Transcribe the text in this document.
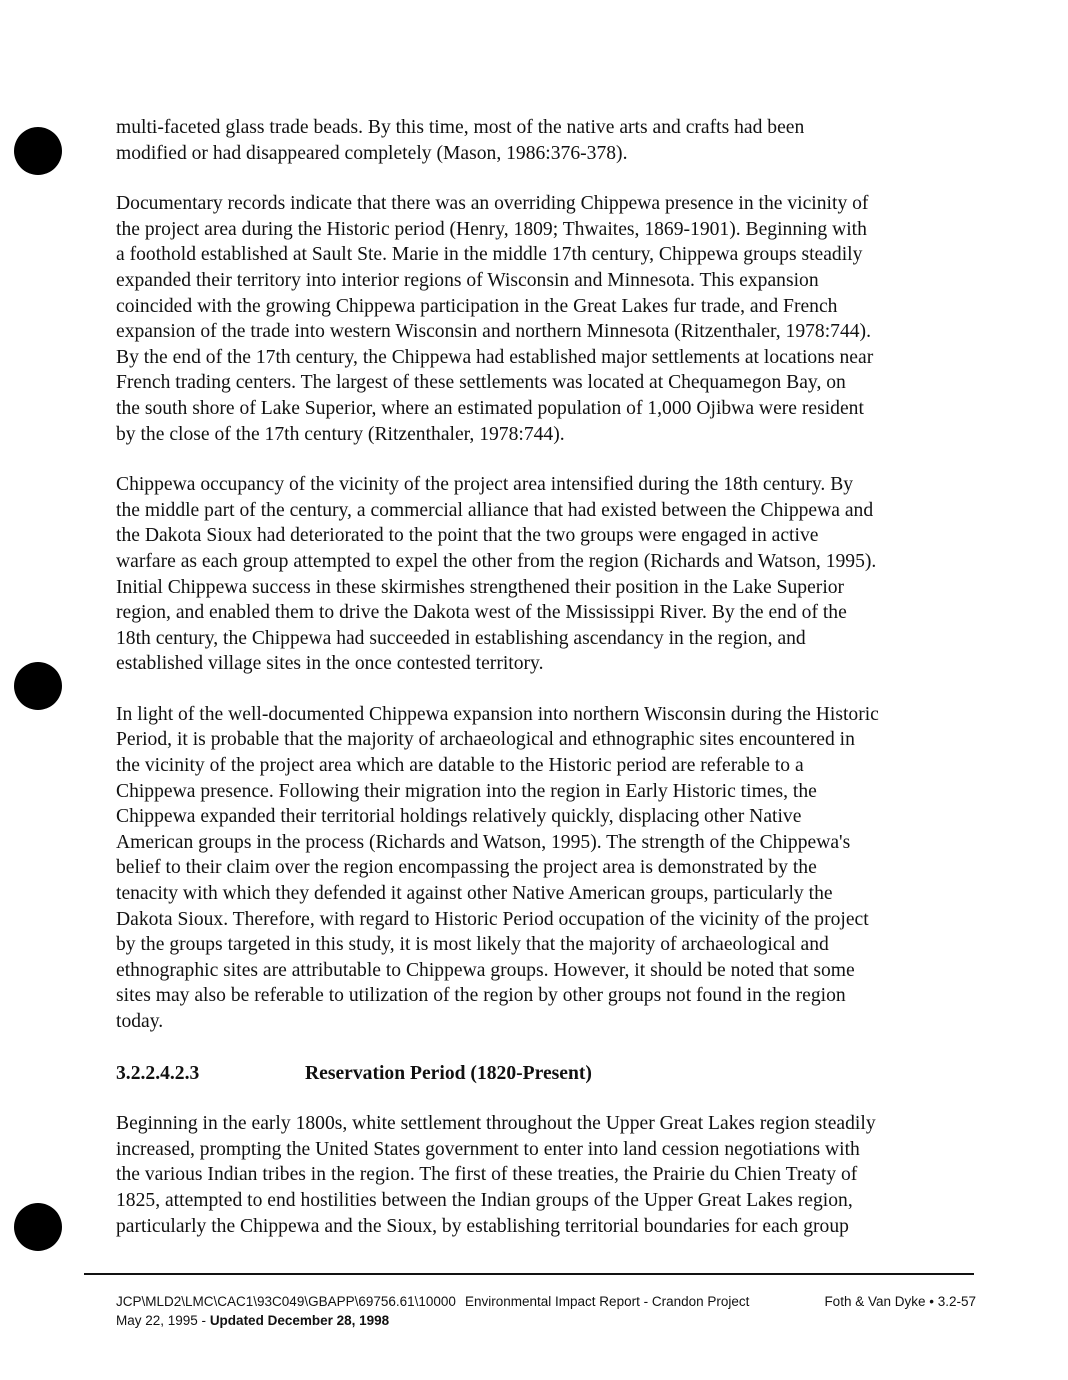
multi-faceted glass trade beads. By this time, most of the native arts and crafts had been
modified or had disappeared completely (Mason, 1986:376-378).

Documentary records indicate that there was an overriding Chippewa presence in the vicinity of
the project area during the Historic period (Henry, 1809; Thwaites, 1869-1901). Beginning with
a foothold established at Sault Ste. Marie in the middle 17th century, Chippewa groups steadily
expanded their territory into interior regions of Wisconsin and Minnesota. This expansion
coincided with the growing Chippewa participation in the Great Lakes fur trade, and French
expansion of the trade into western Wisconsin and northern Minnesota (Ritzenthaler, 1978:744).
By the end of the 17th century, the Chippewa had established major settlements at locations near
French trading centers. The largest of these settlements was located at Chequamegon Bay, on
the south shore of Lake Superior, where an estimated population of 1,000 Ojibwa were resident
by the close of the 17th century (Ritzenthaler, 1978:744).

Chippewa occupancy of the vicinity of the project area intensified during the 18th century. By
the middle part of the century, a commercial alliance that had existed between the Chippewa and
the Dakota Sioux had deteriorated to the point that the two groups were engaged in active
warfare as each group attempted to expel the other from the region (Richards and Watson, 1995).
Initial Chippewa success in these skirmishes strengthened their position in the Lake Superior
region, and enabled them to drive the Dakota west of the Mississippi River. By the end of the
18th century, the Chippewa had succeeded in establishing ascendancy in the region, and
established village sites in the once contested territory.

In light of the well-documented Chippewa expansion into northern Wisconsin during the Historic
Period, it is probable that the majority of archaeological and ethnographic sites encountered in
the vicinity of the project area which are datable to the Historic period are referable to a
Chippewa presence. Following their migration into the region in Early Historic times, the
Chippewa expanded their territorial holdings relatively quickly, displacing other Native
American groups in the process (Richards and Watson, 1995). The strength of the Chippewa's
belief to their claim over the region encompassing the project area is demonstrated by the
tenacity with which they defended it against other Native American groups, particularly the
Dakota Sioux. Therefore, with regard to Historic Period occupation of the vicinity of the project
by the groups targeted in this study, it is most likely that the majority of archaeological and
ethnographic sites are attributable to Chippewa groups. However, it should be noted that some
sites may also be referable to utilization of the region by other groups not found in the region
today.

3.2.2.4.2.3	Reservation Period (1820-Present)

Beginning in the early 1800s, white settlement throughout the Upper Great Lakes region steadily
increased, prompting the United States government to enter into land cession negotiations with
the various Indian tribes in the region. The first of these treaties, the Prairie du Chien Treaty of
1825, attempted to end hostilities between the Indian groups of the Upper Great Lakes region,
particularly the Chippewa and the Sioux, by establishing territorial boundaries for each group

JCP\MLD2\LMC\CAC1\93C049\GBAPP\69756.61\10000 Environmental Impact Report - Crandon Project	Foth & Van Dyke • 3.2-57
May 22, 1995 - Updated December 28, 1998
